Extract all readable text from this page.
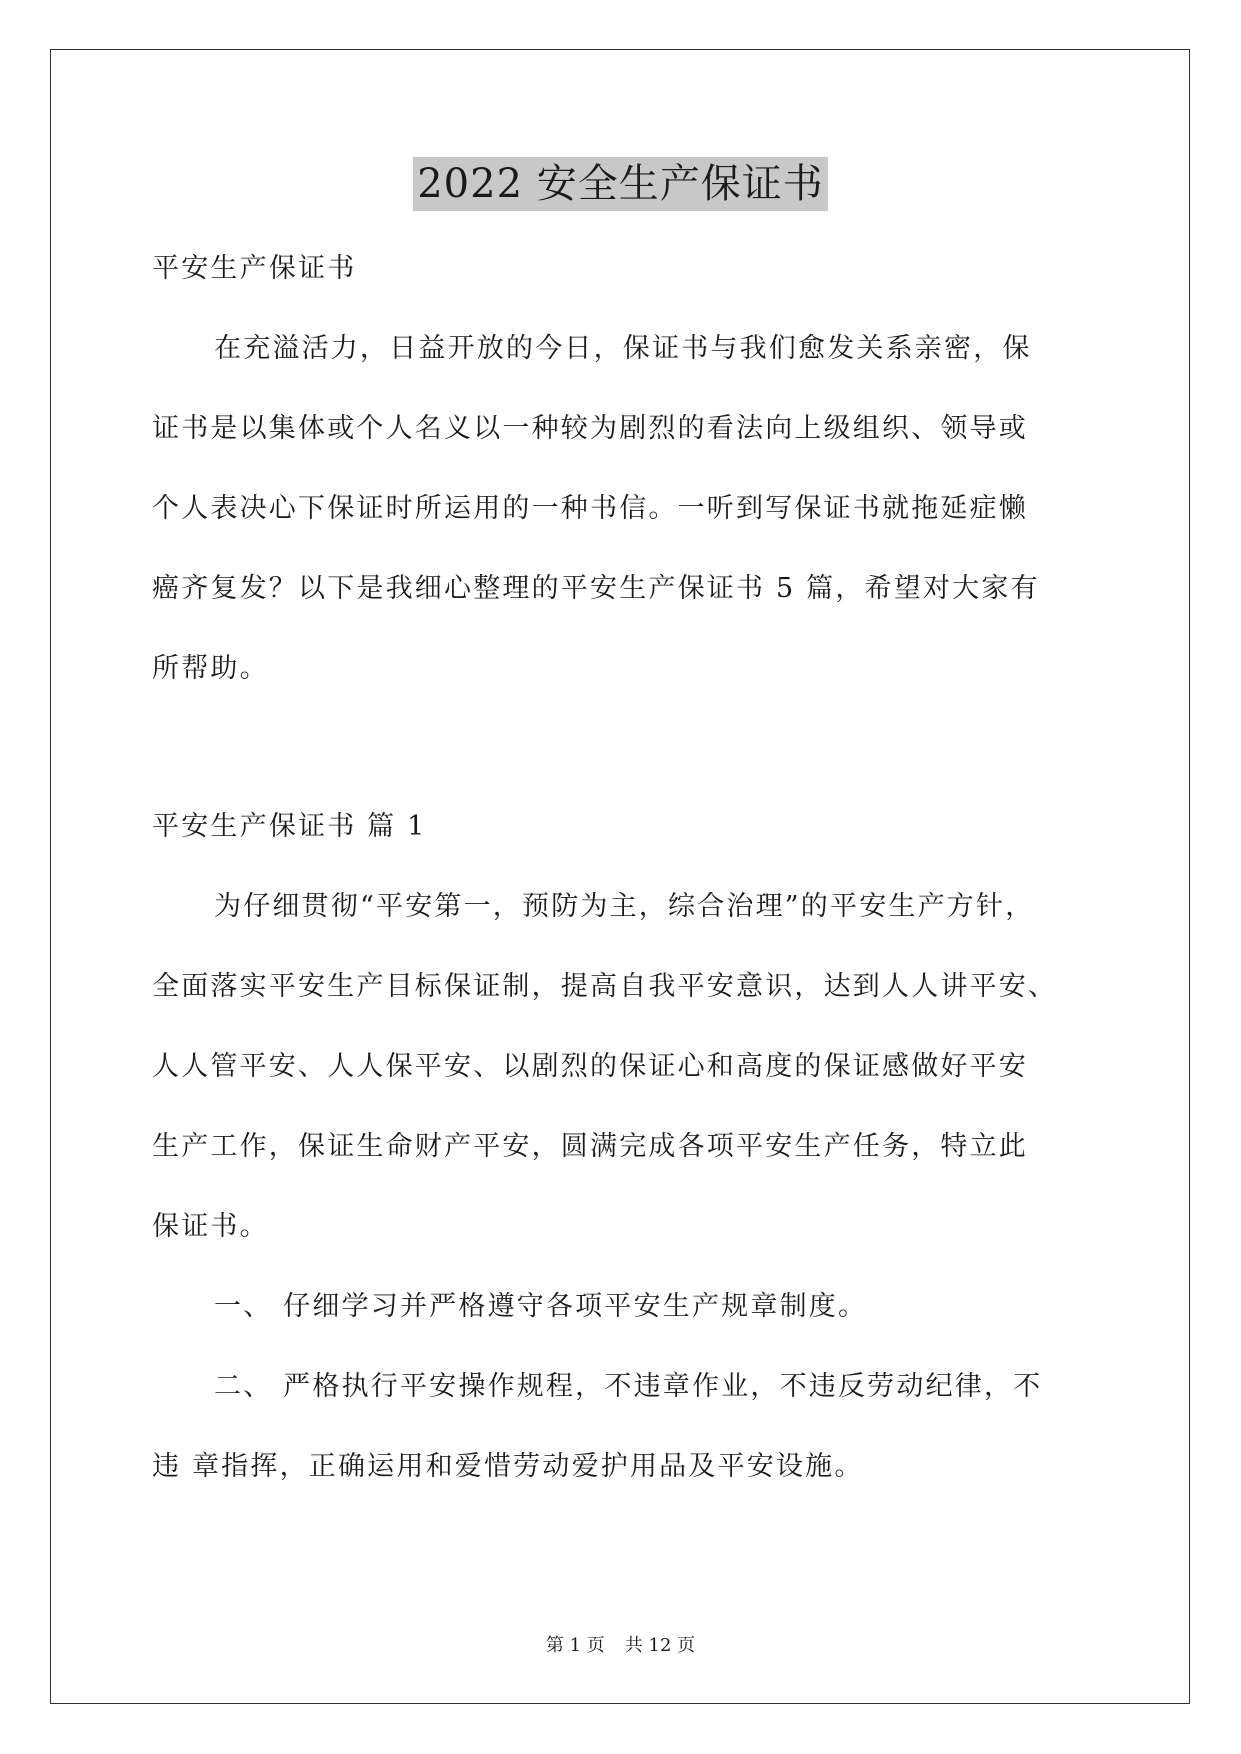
2022 安全生产保证书
平安生产保证书
在充溢活力，日益开放的今日，保证书与我们愈发关系亲密，保
证书是以集体或个人名义以一种较为剧烈的看法向上级组织、领导或
个人表决心下保证时所运用的一种书信。一听到写保证书就拖延症懒
癌齐复发？以下是我细心整理的平安生产保证书 5 篇，希望对大家有
所帮助。
平安生产保证书 篇 1
为仔细贯彻“平安第一，预防为主，综合治理”的平安生产方针，
全面落实平安生产目标保证制，提高自我平安意识，达到人人讲平安、
人人管平安、人人保平安、以剧烈的保证心和高度的保证感做好平安
生产工作，保证生命财产平安，圆满完成各项平安生产任务，特立此
保证书。
一、 仔细学习并严格遵守各项平安生产规章制度。
二、 严格执行平安操作规程，不违章作业，不违反劳动纪律，不
违 章指挥，正确运用和爱惜劳动爱护用品及平安设施。
第 1 页 共 12 页
